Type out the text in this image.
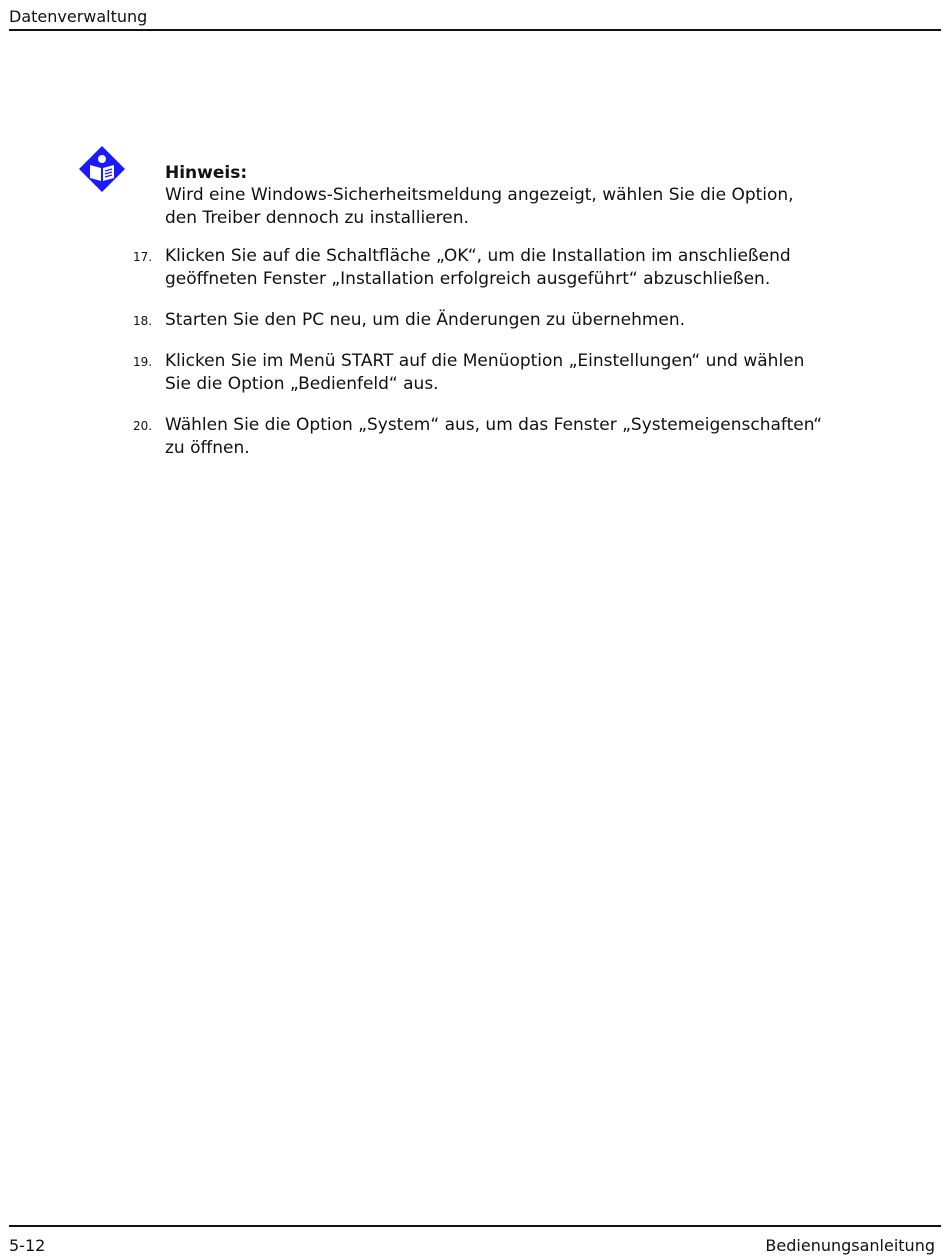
Datenverwaltung
Hinweis:
Wird eine Windows-Sicherheitsmeldung angezeigt, wählen Sie die Option, den Treiber dennoch zu installieren.
17. Klicken Sie auf die Schaltfläche „OK“, um die Installation im anschließend geöffneten Fenster „Installation erfolgreich ausgeführt“ abzuschließen.
18. Starten Sie den PC neu, um die Änderungen zu übernehmen.
19. Klicken Sie im Menü START auf die Menüoption „Einstellungen“ und wählen Sie die Option „Bedienfeld“ aus.
20. Wählen Sie die Option „System“ aus, um das Fenster „Systemeigenschaften“ zu öffnen.
5-12	Bedienungsanleitung
